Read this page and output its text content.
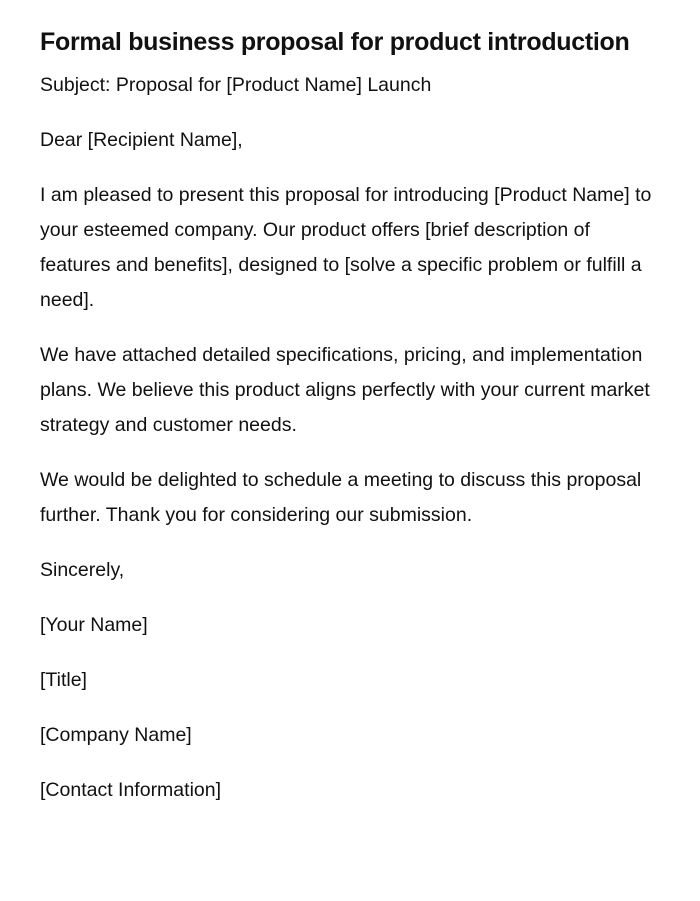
Formal business proposal for product introduction

Subject: Proposal for [Product Name] Launch

Dear [Recipient Name],

I am pleased to present this proposal for introducing [Product Name] to your esteemed company. Our product offers [brief description of features and benefits], designed to [solve a specific problem or fulfill a need].

We have attached detailed specifications, pricing, and implementation plans. We believe this product aligns perfectly with your current market strategy and customer needs.

We would be delighted to schedule a meeting to discuss this proposal further. Thank you for considering our submission.

Sincerely,

[Your Name]

[Title]

[Company Name]

[Contact Information]
